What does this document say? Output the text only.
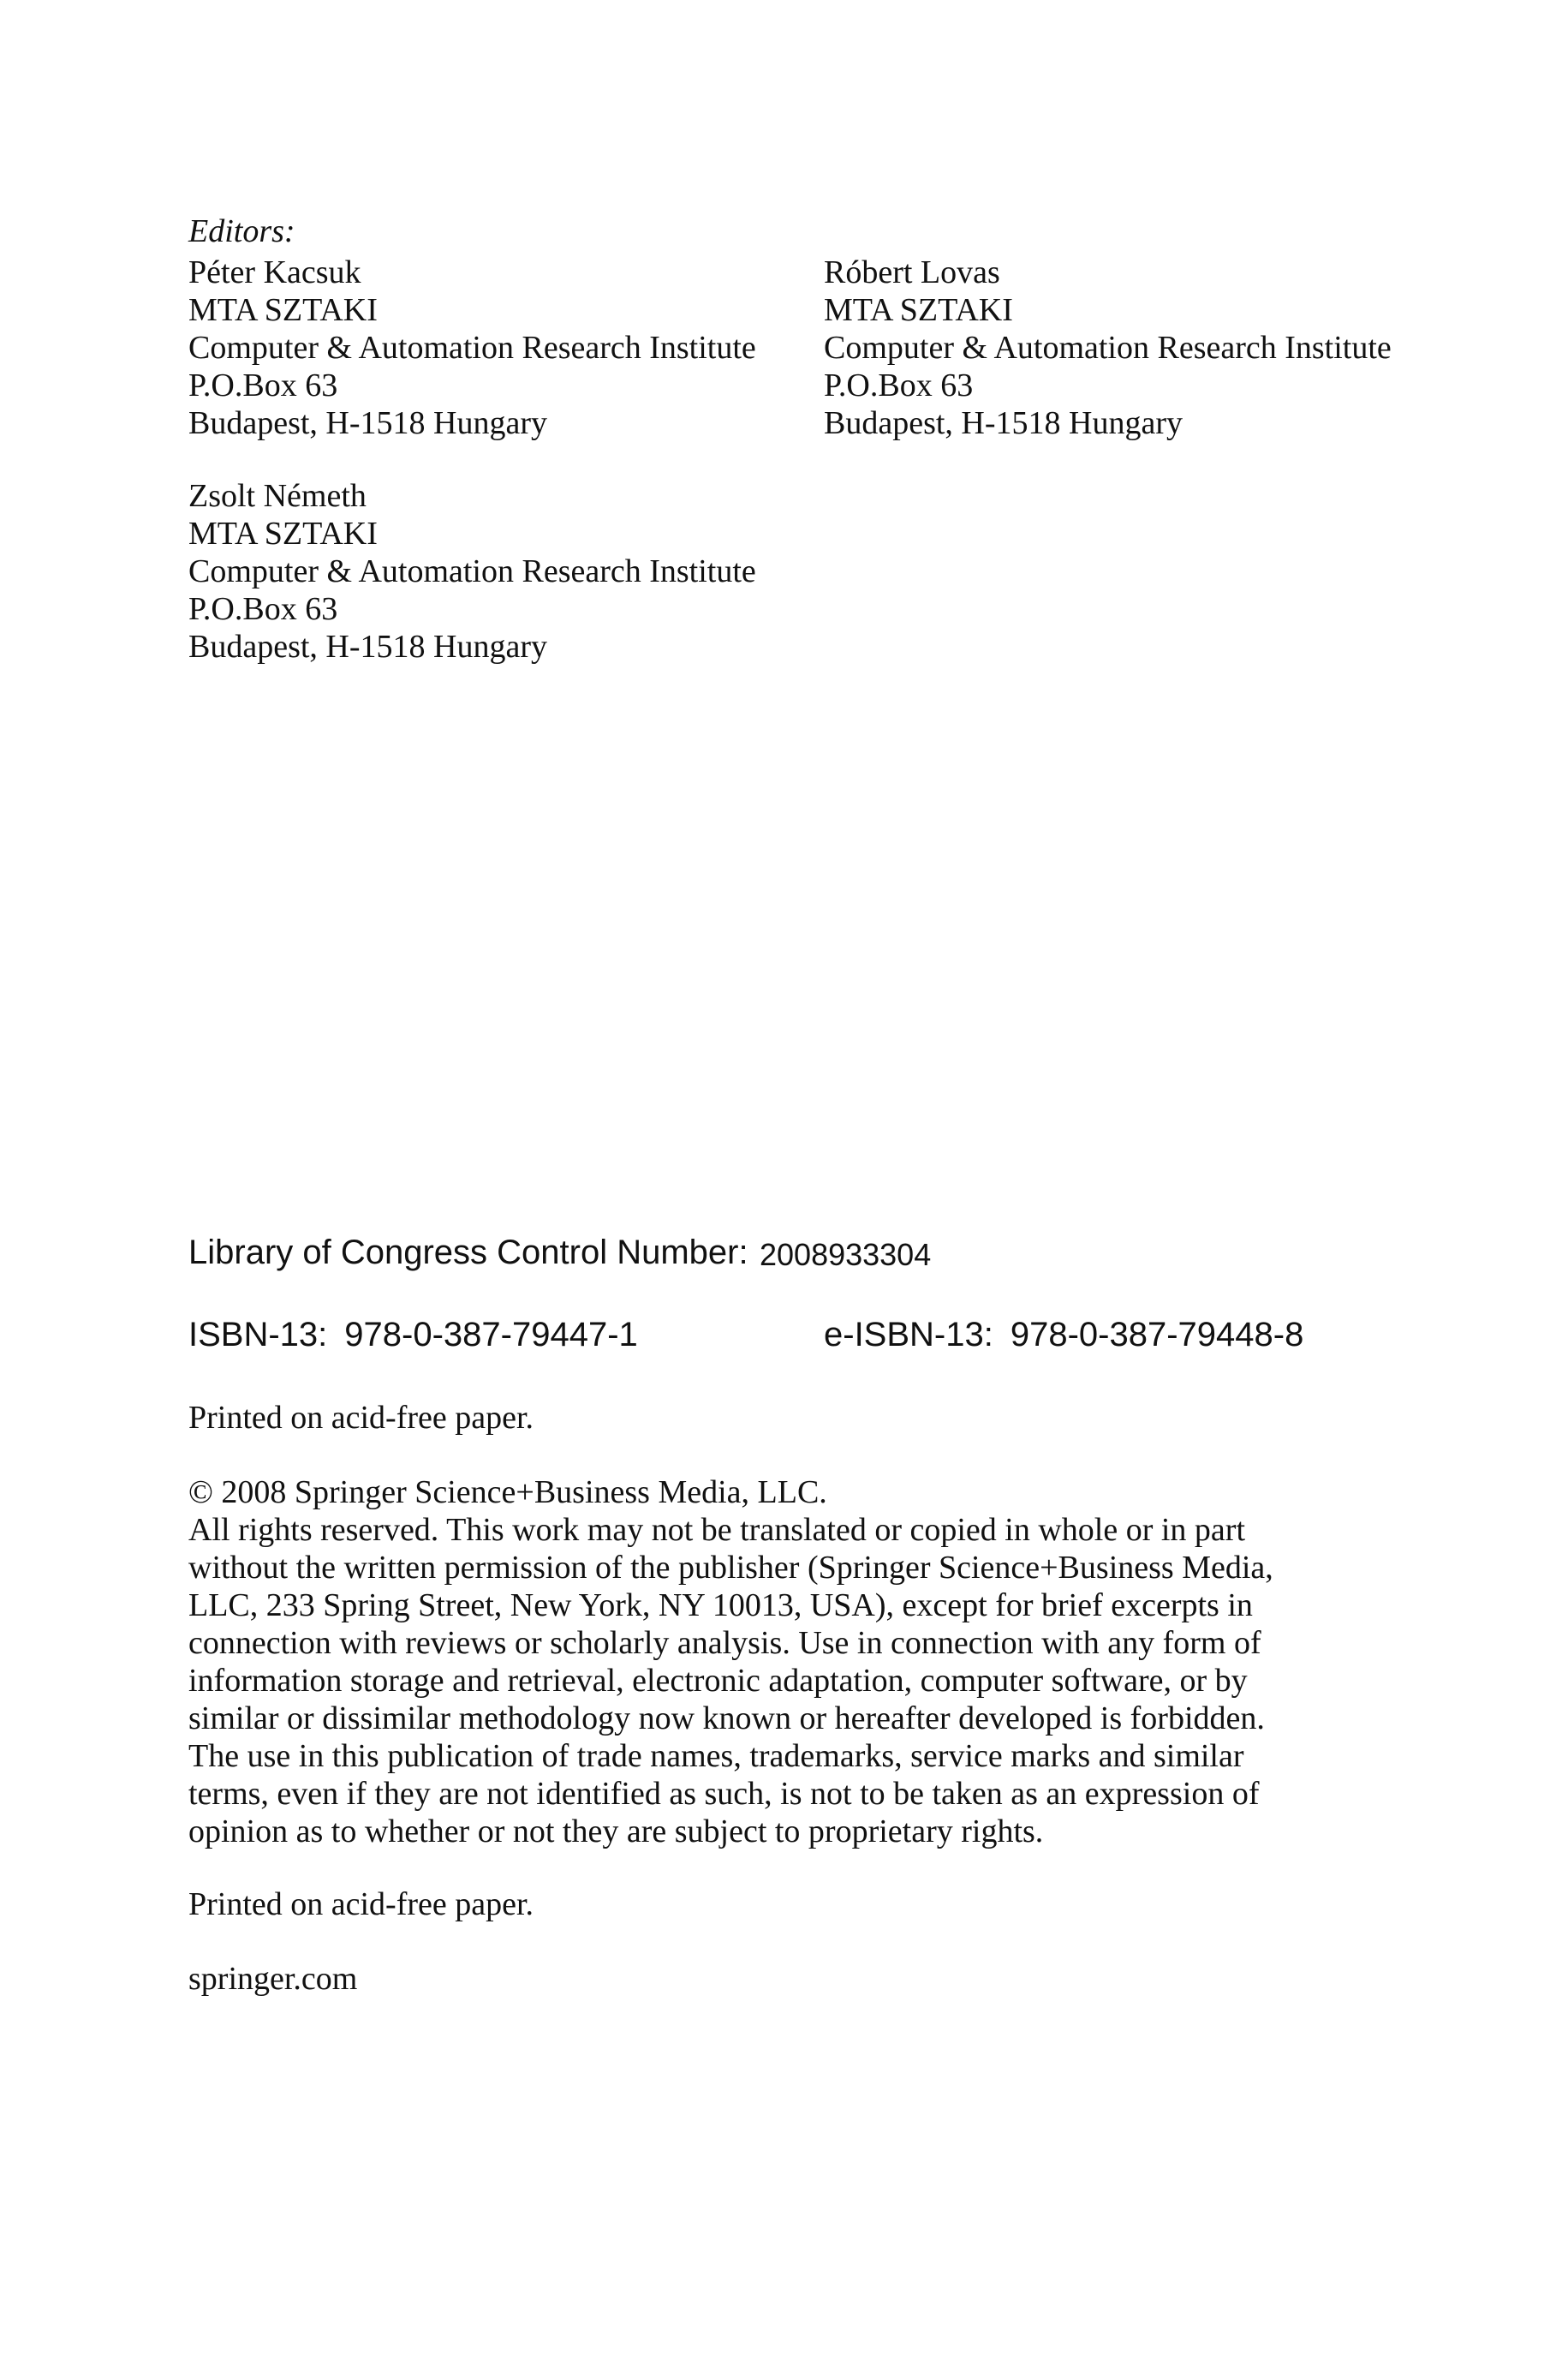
Editors:
Péter Kacsuk
MTA SZTAKI
Computer & Automation Research Institute
P.O.Box 63
Budapest, H-1518 Hungary
Róbert Lovas
MTA SZTAKI
Computer & Automation Research Institute
P.O.Box 63
Budapest, H-1518 Hungary
Zsolt Németh
MTA SZTAKI
Computer & Automation Research Institute
P.O.Box 63
Budapest, H-1518 Hungary
Library of Congress Control Number: 2008933304
ISBN-13: 978-0-387-79447-1	e-ISBN-13: 978-0-387-79448-8
Printed on acid-free paper.
© 2008 Springer Science+Business Media, LLC.
All rights reserved. This work may not be translated or copied in whole or in part
without the written permission of the publisher (Springer Science+Business Media,
LLC, 233 Spring Street, New York, NY 10013, USA), except for brief excerpts in
connection with reviews or scholarly analysis. Use in connection with any form of
information storage and retrieval, electronic adaptation, computer software, or by
similar or dissimilar methodology now known or hereafter developed is forbidden.
The use in this publication of trade names, trademarks, service marks and similar
terms, even if they are not identified as such, is not to be taken as an expression of
opinion as to whether or not they are subject to proprietary rights.
Printed on acid-free paper.
springer.com
